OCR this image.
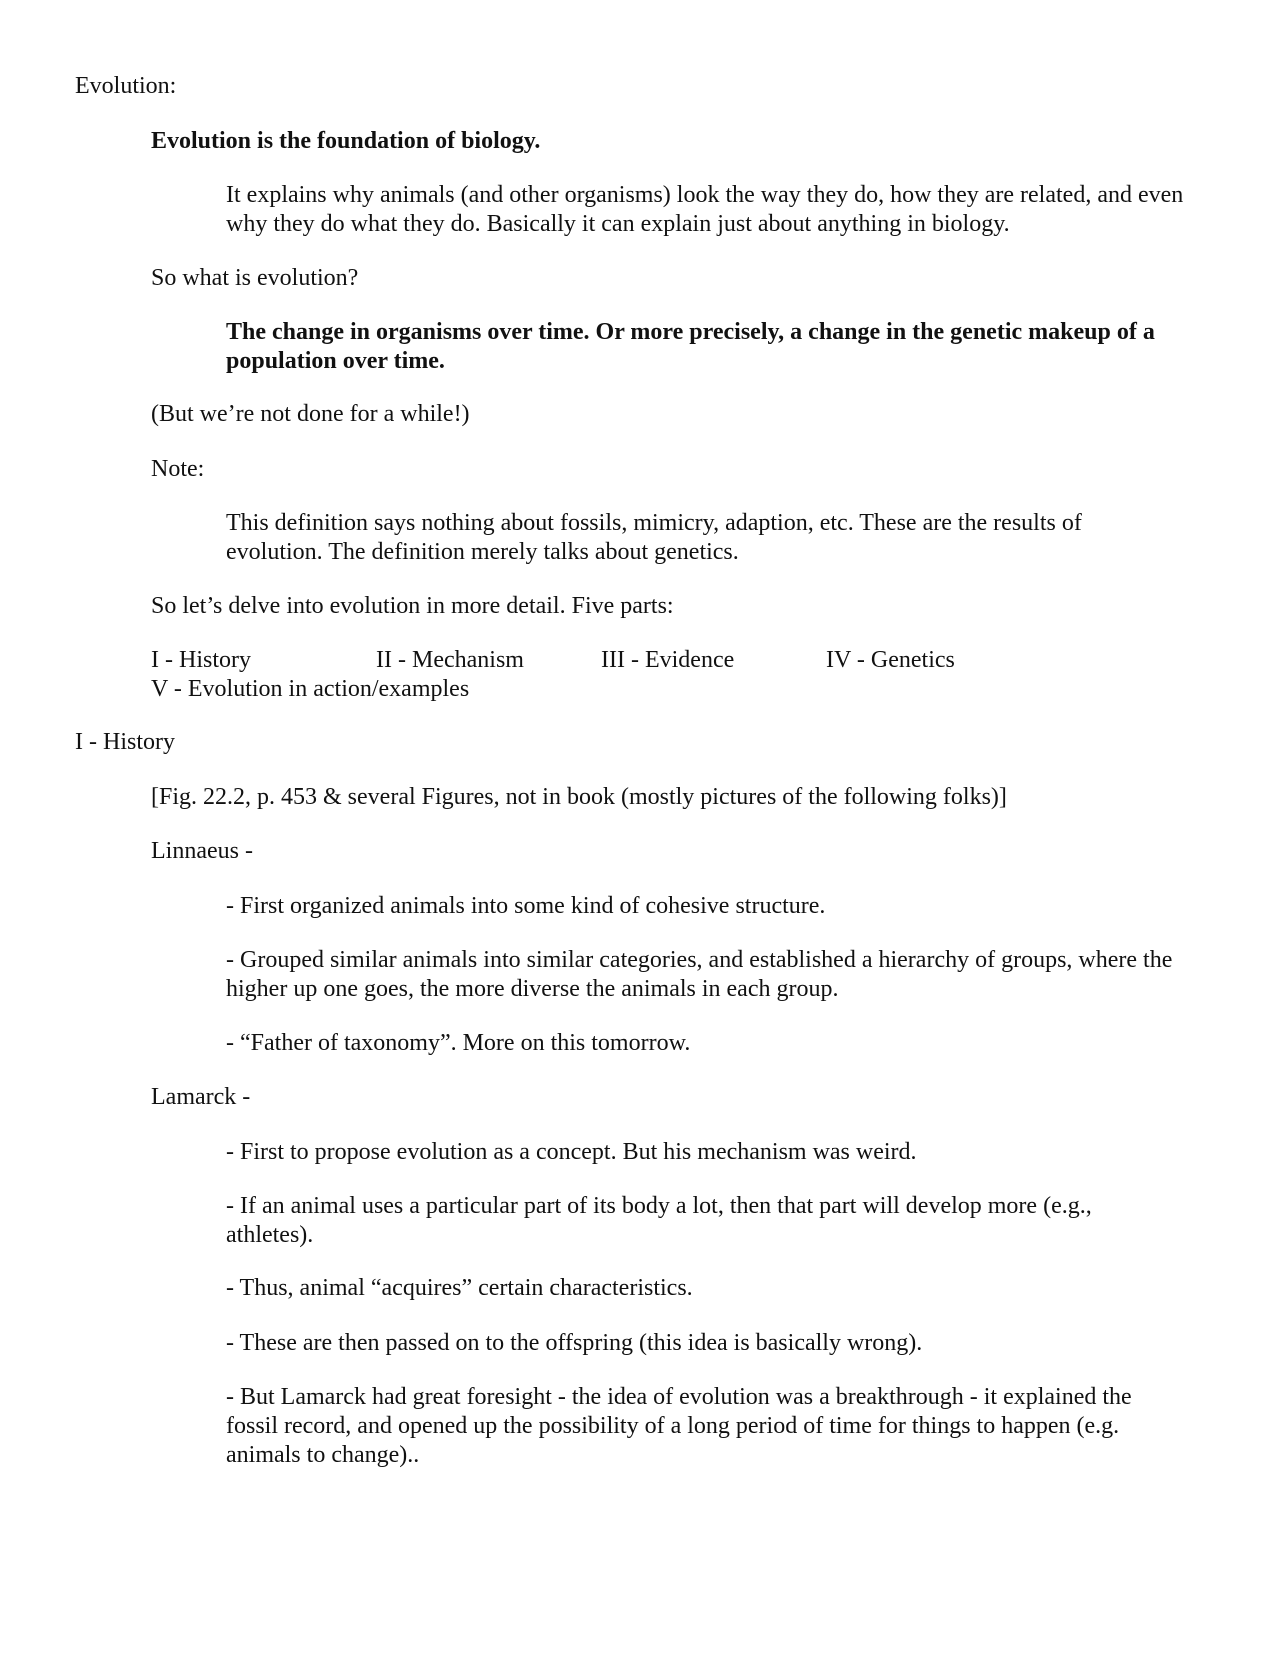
Evolution:

Evolution is the foundation of biology.

It explains why animals (and other organisms) look the way they do, how they are related, and even why they do what they do. Basically it can explain just about anything in biology.

So what is evolution?

The change in organisms over time. Or more precisely, a change in the genetic makeup of a population over time.

(But we’re not done for a while!)

Note:

This definition says nothing about fossils, mimicry, adaption, etc. These are the results of evolution. The definition merely talks about genetics.

So let’s delve into evolution in more detail. Five parts:

I - History	II - Mechanism	III - Evidence	IV - Genetics

V - Evolution in action/examples

I - History

[Fig. 22.2, p. 453 & several Figures, not in book (mostly pictures of the following folks)]

Linnaeus -

- First organized animals into some kind of cohesive structure.

- Grouped similar animals into similar categories, and established a hierarchy of groups, where the higher up one goes, the more diverse the animals in each group.

- “Father of taxonomy”. More on this tomorrow.

Lamarck -

- First to propose evolution as a concept. But his mechanism was weird.

- If an animal uses a particular part of its body a lot, then that part will develop more (e.g., athletes).

- Thus, animal “acquires” certain characteristics.

- These are then passed on to the offspring (this idea is basically wrong).

- But Lamarck had great foresight - the idea of evolution was a breakthrough - it explained the fossil record, and opened up the possibility of a long period of time for things to happen (e.g. animals to change)..
